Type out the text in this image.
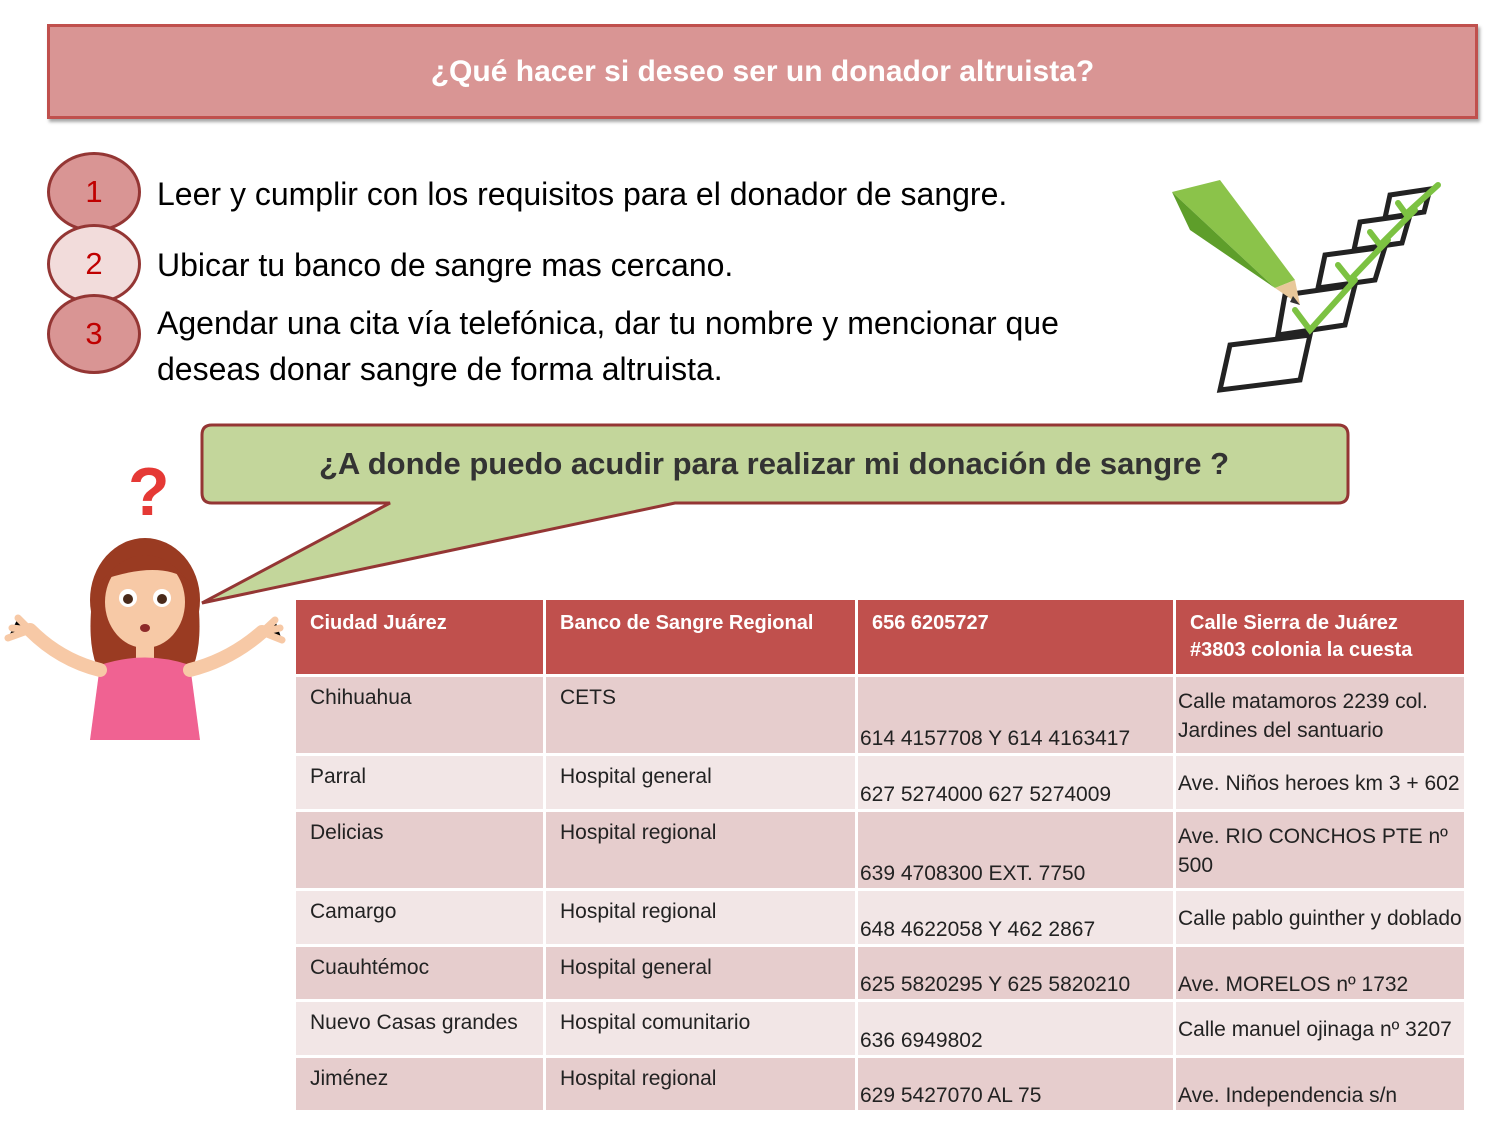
¿Qué hacer si deseo ser un donador altruista?
1 Leer y cumplir con los requisitos para el donador de sangre.
2 Ubicar tu banco de sangre mas cercano.
3 Agendar una cita vía telefónica, dar tu nombre y mencionar que
deseas donar sangre de forma altruista.
¿A donde puedo acudir para realizar mi donación de sangre ?
?
Ciudad Juárez	Banco de Sangre Regional	656 6205727	Calle Sierra de Juárez
#3803 colonia la cuesta

Chihuahua	CETS	614 4157708 Y 614 4163417	Calle matamoros 2239 col. Jardines del santuario
Parral	Hospital general	627 5274000 627 5274009	Ave. Niños heroes km 3 + 602
Delicias	Hospital regional	639 4708300 EXT. 7750	Ave. RIO CONCHOS PTE nº 500
Camargo	Hospital regional	648 4622058 Y 462 2867	Calle pablo guinther y doblado
Cuauhtémoc	Hospital general	625 5820295 Y 625 5820210	Ave. MORELOS nº 1732
Nuevo Casas grandes	Hospital comunitario	636 6949802	Calle manuel ojinaga nº 3207
Jiménez	Hospital regional	629 5427070 AL 75	Ave. Independencia s/n
